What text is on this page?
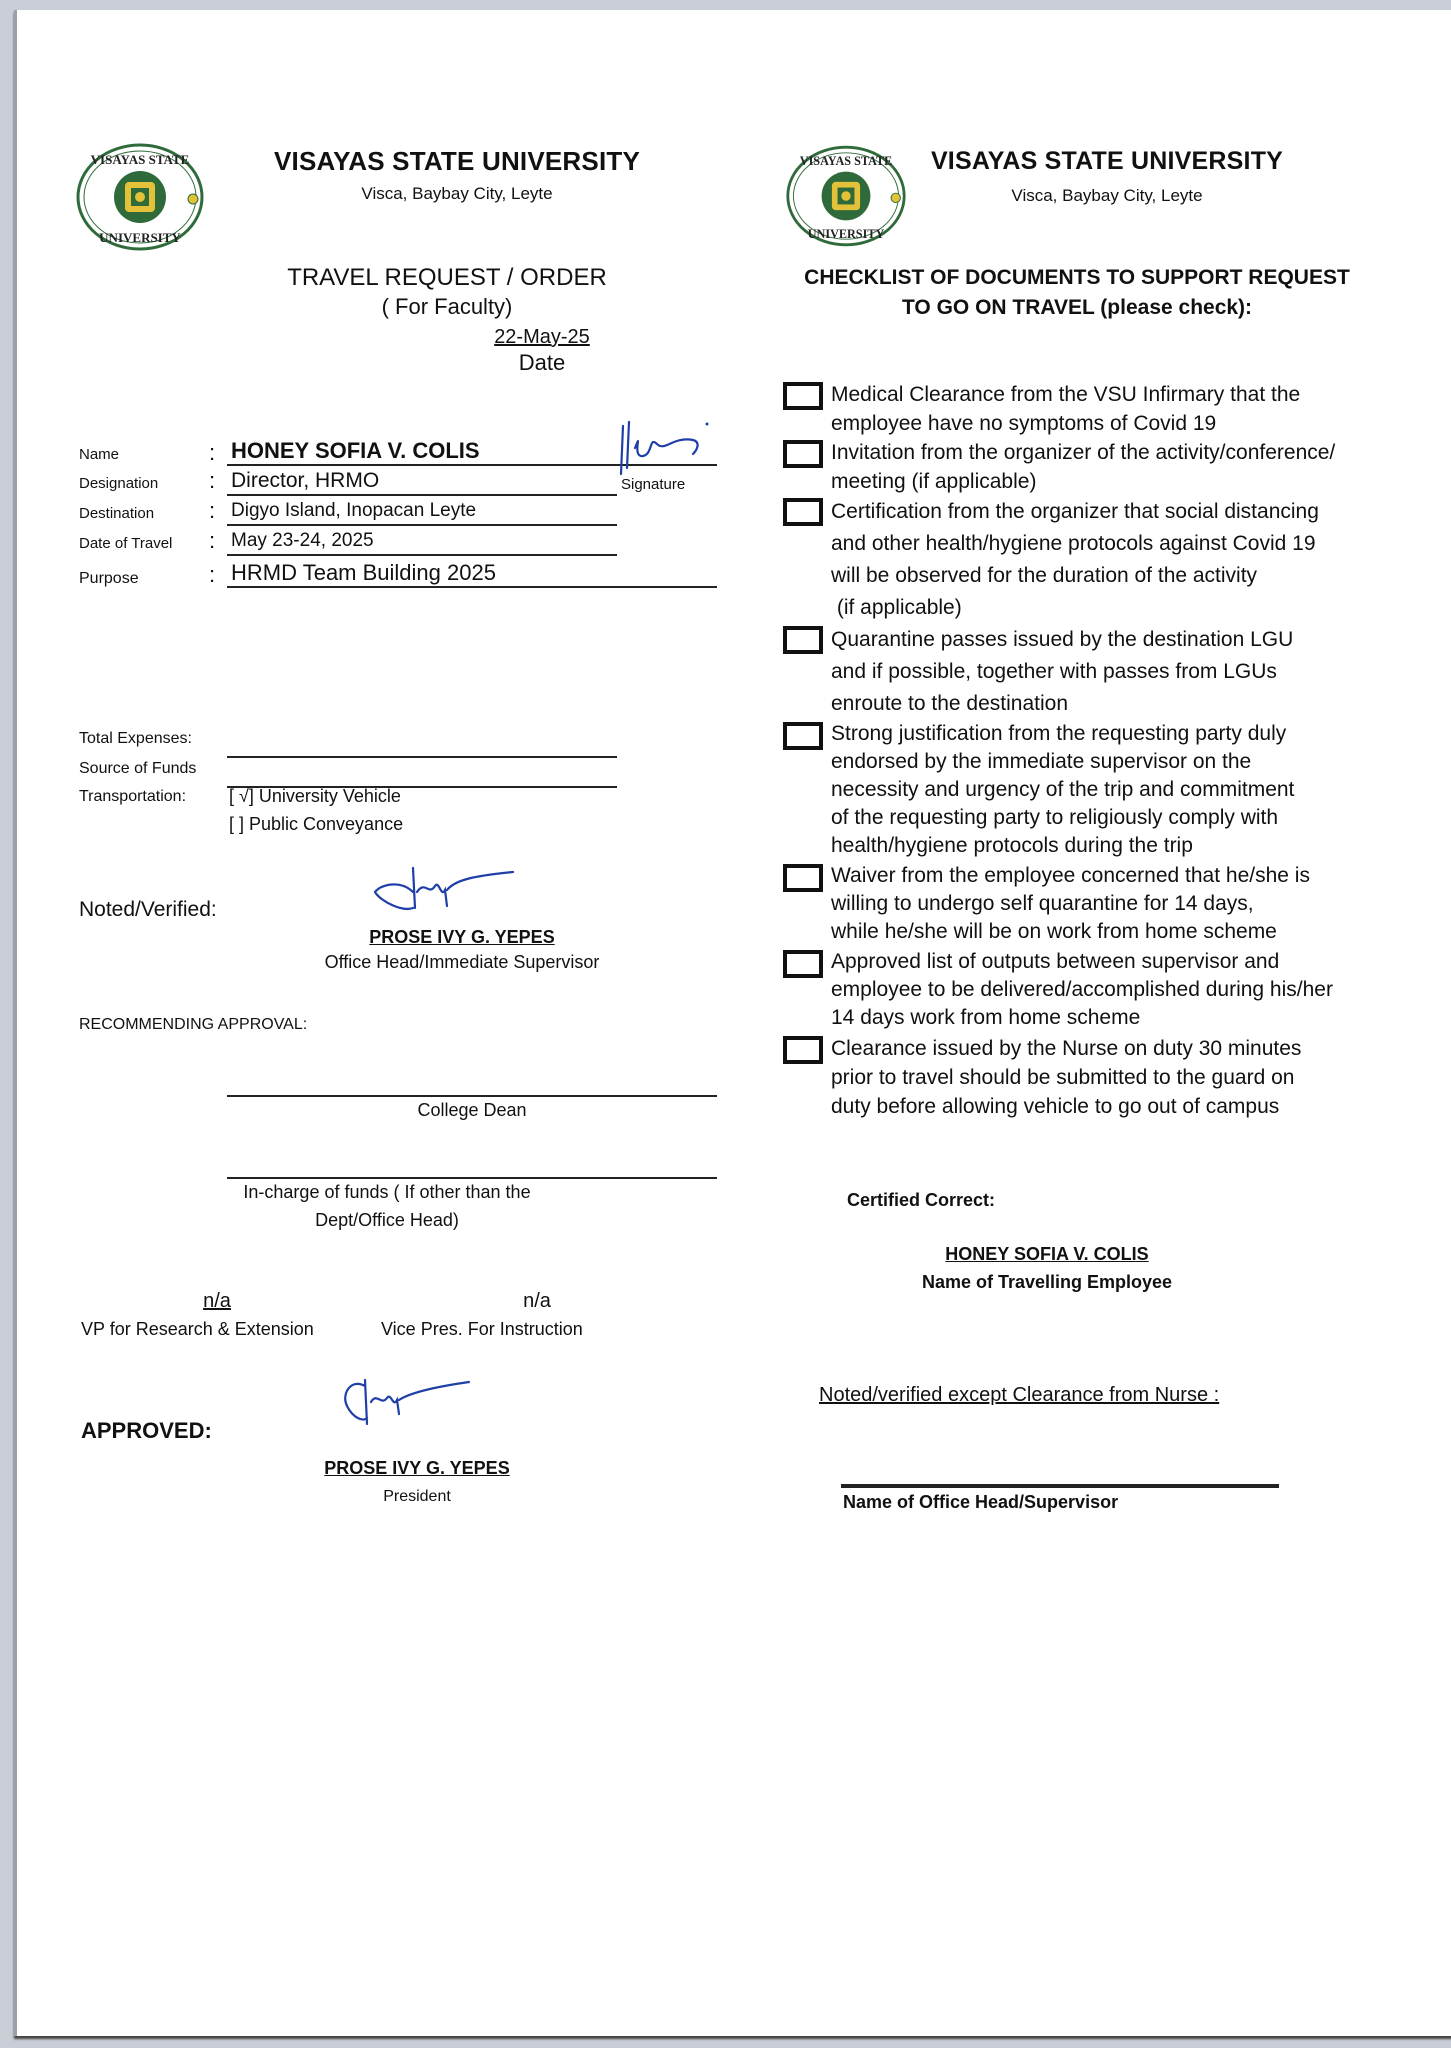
VISAYAS STATE
UNIVERSITY
VISAYAS STATE UNIVERSITY
Visca, Baybay City, Leyte
TRAVEL REQUEST / ORDER
( For Faculty)
22-May-25
Date
Name	: HONEY SOFIA V. COLIS
Signature
Designation : Director, HRMO
Destination : Digyo Island, Inopacan Leyte
Date of Travel : May 23-24, 2025
Purpose	: HRMD Team Building 2025
Total Expenses:
Source of Funds
Transportation: [ √] University Vehicle
[ ] Public Conveyance
Noted/Verified:
PROSE IVY G. YEPES
Office Head/Immediate Supervisor
RECOMMENDING APPROVAL:
College Dean
In-charge of funds ( If other than the
Dept/Office Head)
n/a
VP for Research & Extension
n/a
Vice Pres. For Instruction
APPROVED:
PROSE IVY G. YEPES
President
VISAYAS STATE
UNIVERSITY
VISAYAS STATE UNIVERSITY
Visca, Baybay City, Leyte
CHECKLIST OF DOCUMENTS TO SUPPORT REQUEST
TO GO ON TRAVEL (please check):
Medical Clearance from the VSU Infirmary that the
employee have no symptoms of Covid 19
Invitation from the organizer of the activity/conference/
meeting (if applicable)
Certification from the organizer that social distancing
and other health/hygiene protocols against Covid 19
will be observed for the duration of the activity
(if applicable)
Quarantine passes issued by the destination LGU
and if possible, together with passes from LGUs
enroute to the destination
Strong justification from the requesting party duly
endorsed by the immediate supervisor on the
necessity and urgency of the trip and commitment
of the requesting party to religiously comply with
health/hygiene protocols during the trip
Waiver from the employee concerned that he/she is
willing to undergo self quarantine for 14 days,
while he/she will be on work from home scheme
Approved list of outputs between supervisor and
employee to be delivered/accomplished during his/her
14 days work from home scheme
Clearance issued by the Nurse on duty 30 minutes
prior to travel should be submitted to the guard on
duty before allowing vehicle to go out of campus
Certified Correct:
HONEY SOFIA V. COLIS
Name of Travelling Employee
Noted/verified except Clearance from Nurse :
Name of Office Head/Supervisor
